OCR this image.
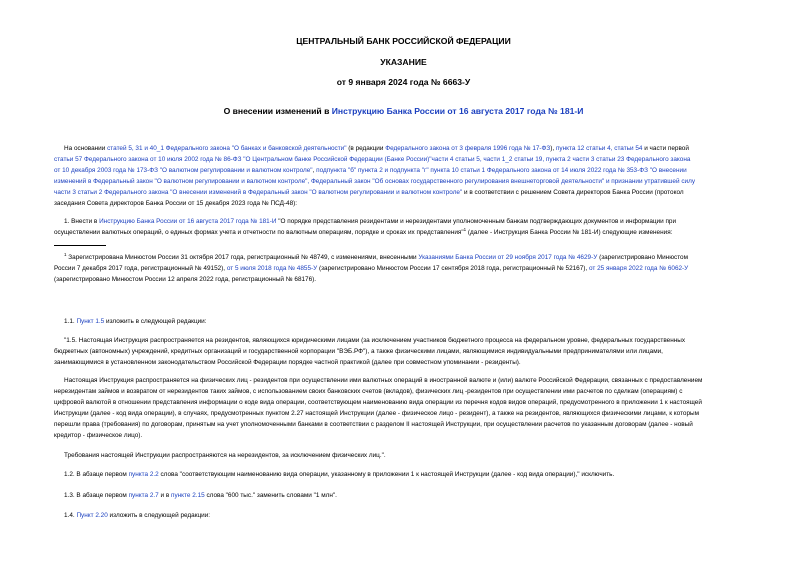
ЦЕНТРАЛЬНЫЙ БАНК РОССИЙСКОЙ ФЕДЕРАЦИИ
УКАЗАНИЕ
от 9 января 2024 года № 6663-У
О внесении изменений в Инструкцию Банка России от 16 августа 2017 года № 181-И
На основании статей 5, 31 и 40_1 Федерального закона "О банках и банковской деятельности" (в редакции Федерального закона от 3 февраля 1996 года № 17-ФЗ), пункта 12 статьи 4, статьи 54 и части первой
статьи 57 Федерального закона от 10 июля 2002 года № 86-ФЗ "О Центральном банке Российской Федерации (Банке России)"части 4 статьи 5, части 1_2 статьи 19, пункта 2 части 3 статьи 23 Федерального закона
от 10 декабря 2003 года № 173-ФЗ "О валютном регулировании и валютном контроле", подпункта "б" пункта 2 и подпункта "г" пункта 10 статьи 1 Федерального закона от 14 июля 2022 года № 353-ФЗ "О внесении
изменений в Федеральный закон "О валютном регулировании и валютном контроле", Федеральный закон "Об основах государственного регулирования внешнеторговой деятельности" и признании утратившей силу
части 3 статьи 2 Федерального закона "О внесении изменений в Федеральный закон "О валютном регулировании и валютном контроле" и в соответствии с решением Совета директоров Банка России (протокол
заседания Совета директоров Банка России от 15 декабря 2023 года № ПСД-48):
1. Внести в Инструкцию Банка России от 16 августа 2017 года № 181-И "О порядке представления резидентами и нерезидентами уполномоченным банкам подтверждающих документов и информации при
осуществлении валютных операций, о единых формах учета и отчетности по валютным операциям, порядке и сроках их представления"$^1$ (далее - Инструкция Банка России № 181-И) следующие изменения:
$^1$ Зарегистрирована Минюстом России 31 октября 2017 года, регистрационный № 48749, с изменениями, внесенными Указаниями Банка России от 29 ноября 2017 года № 4629-У (зарегистрировано Минюстом
России 7 декабря 2017 года, регистрационный № 49152), от 5 июля 2018 года № 4855-У (зарегистрировано Минюстом России 17 сентября 2018 года, регистрационный № 52167), от 25 января 2022 года № 6062-У
(зарегистрировано Минюстом России 12 апреля 2022 года, регистрационный № 68176).
1.1. Пункт 1.5 изложить в следующей редакции:
"1.5. Настоящая Инструкция распространяется на резидентов, являющихся юридическими лицами (за исключением участников бюджетного процесса на федеральном уровне, федеральных государственных
бюджетных (автономных) учреждений, кредитных организаций и государственной корпорации "ВЭБ.РФ"), а также физическими лицами, являющимися индивидуальными предпринимателями или лицами,
занимающимися в установленном законодательством Российской Федерации порядке частной практикой (далее при совместном упоминании - резиденты).
Настоящая Инструкция распространяется на физических лиц - резидентов при осуществлении ими валютных операций в иностранной валюте и (или) валюте Российской Федерации, связанных с предоставлением
нерезидентам займов и возвратом от нерезидентов таких займов, с использованием своих банковских счетов (вкладов), физических лиц -резидентов при осуществлении ими расчетов по сделкам (операциям) с
цифровой валютой в отношении представления информации о коде вида операции, соответствующем наименованию вида операции из перечня кодов видов операций, предусмотренного в приложении 1 к настоящей
Инструкции (далее - код вида операции), в случаях, предусмотренных пунктом 2.27 настоящей Инструкции (далее - физическое лицо - резидент), а также на резидентов, являющихся физическими лицами, к которым
перешли права (требования) по договорам, принятым на учет уполномоченными банками в соответствии с разделом II настоящей Инструкции, при осуществлении расчетов по указанным договорам (далее - новый
кредитор - физическое лицо).
Требования настоящей Инструкции распространяются на нерезидентов, за исключением физических лиц.".
1.2. В абзаце первом пункта 2.2 слова "соответствующим наименованию вида операции, указанному в приложении 1 к настоящей Инструкции (далее - код вида операции)," исключить.
1.3. В абзаце первом пункта 2.7 и в пункте 2.15 слова "600 тыс." заменить словами "1 млн".
1.4. Пункт 2.20 изложить в следующей редакции:
